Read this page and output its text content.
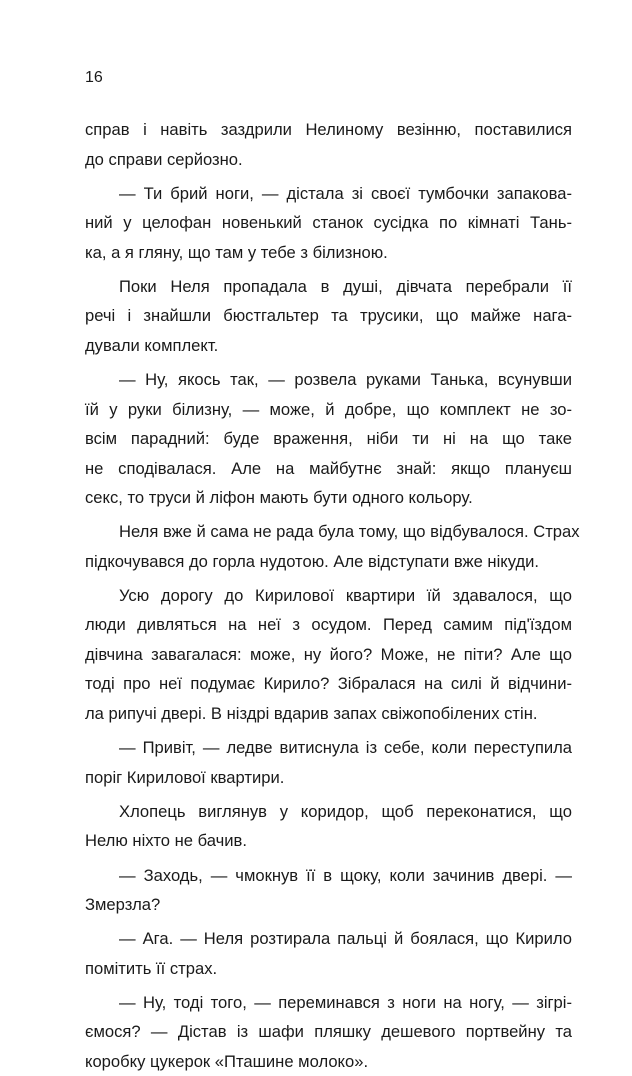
16
справ і навіть заздрили Нелиному везінню, поставилися
до справи серйозно.
— Ти брий ноги, — дістала зі своєї тумбочки запакова-
ний у целофан новенький станок сусідка по кімнаті Тань-
ка, а я гляну, що там у тебе з білизною.
Поки Неля пропадала в душі, дівчата перебрали її
речі і знайшли бюстгальтер та трусики, що майже нага-
дували комплект.
— Ну, якось так, — розвела руками Танька, всунувши
їй у руки білизну, — може, й добре, що комплект не зо-
всім парадний: буде враження, ніби ти ні на що таке
не сподівалася. Але на майбутнє знай: якщо плануєш
секс, то труси й ліфон мають бути одного кольору.
Неля вже й сама не рада була тому, що відбувалося. Страх
підкочувався до горла нудотою. Але відступати вже нікуди.
Усю дорогу до Кирилової квартири їй здавалося, що
люди дивляться на неї з осудом. Перед самим під'їздом
дівчина завагалася: може, ну його? Може, не піти? Але що
тоді про неї подумає Кирило? Зібралася на силі й відчини-
ла рипучі двері. В ніздрі вдарив запах свіжопобілених стін.
— Привіт, — ледве витиснула із себе, коли переступила
поріг Кирилової квартири.
Хлопець виглянув у коридор, щоб переконатися, що
Нелю ніхто не бачив.
— Заходь, — чмокнув її в щоку, коли зачинив двері. —
Змерзла?
— Ага. — Неля розтирала пальці й боялася, що Кирило
помітить її страх.
— Ну, тоді того, — переминався з ноги на ногу, — зігрі-
ємося? — Дістав із шафи пляшку дешевого портвейну та
коробку цукерок «Пташине молоко».
